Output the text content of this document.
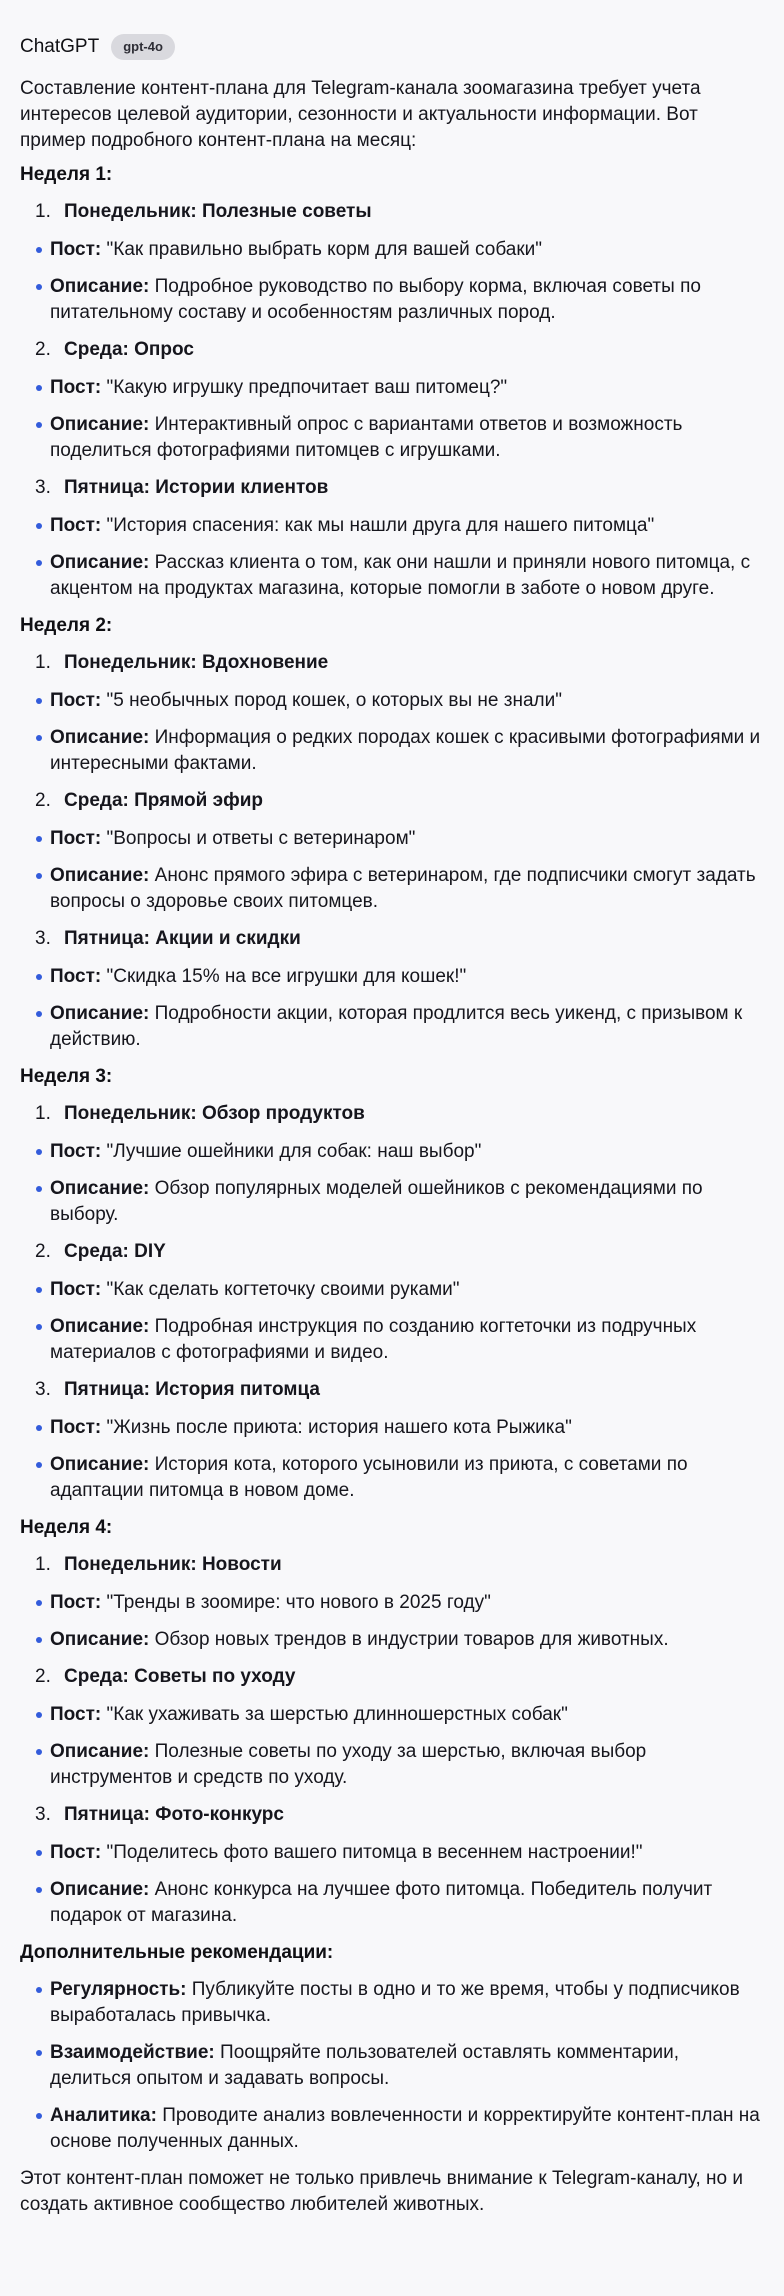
ChatGPT	gpt-4o

Составление контент-плана для Telegram-канала зоомагазина требует учета интересов целевой аудитории, сезонности и актуальности информации. Вот пример подробного контент-плана на месяц:

Неделя 1:
1. Понедельник: Полезные советы
Пост: "Как правильно выбрать корм для вашей собаки"
Описание: Подробное руководство по выбору корма, включая советы по питательному составу и особенностям различных пород.
2. Среда: Опрос
Пост: "Какую игрушку предпочитает ваш питомец?"
Описание: Интерактивный опрос с вариантами ответов и возможность поделиться фотографиями питомцев с игрушками.
3. Пятница: Истории клиентов
Пост: "История спасения: как мы нашли друга для нашего питомца"
Описание: Рассказ клиента о том, как они нашли и приняли нового питомца, с акцентом на продуктах магазина, которые помогли в заботе о новом друге.
Неделя 2:
1. Понедельник: Вдохновение
Пост: "5 необычных пород кошек, о которых вы не знали"
Описание: Информация о редких породах кошек с красивыми фотографиями и интересными фактами.
2. Среда: Прямой эфир
Пост: "Вопросы и ответы с ветеринаром"
Описание: Анонс прямого эфира с ветеринаром, где подписчики смогут задать вопросы о здоровье своих питомцев.
3. Пятница: Акции и скидки
Пост: "Скидка 15% на все игрушки для кошек!"
Описание: Подробности акции, которая продлится весь уикенд, с призывом к действию.
Неделя 3:
1. Понедельник: Обзор продуктов
Пост: "Лучшие ошейники для собак: наш выбор"
Описание: Обзор популярных моделей ошейников с рекомендациями по выбору.
2. Среда: DIY
Пост: "Как сделать когтеточку своими руками"
Описание: Подробная инструкция по созданию когтеточки из подручных материалов с фотографиями и видео.
3. Пятница: История питомца
Пост: "Жизнь после приюта: история нашего кота Рыжика"
Описание: История кота, которого усыновили из приюта, с советами по адаптации питомца в новом доме.
Неделя 4:
1. Понедельник: Новости
Пост: "Тренды в зоомире: что нового в 2025 году"
Описание: Обзор новых трендов в индустрии товаров для животных.
2. Среда: Советы по уходу
Пост: "Как ухаживать за шерстью длинношерстных собак"
Описание: Полезные советы по уходу за шерстью, включая выбор инструментов и средств по уходу.
3. Пятница: Фото-конкурс
Пост: "Поделитесь фото вашего питомца в весеннем настроении!"
Описание: Анонс конкурса на лучшее фото питомца. Победитель получит подарок от магазина.
Дополнительные рекомендации:
Регулярность: Публикуйте посты в одно и то же время, чтобы у подписчиков выработалась привычка.
Взаимодействие: Поощряйте пользователей оставлять комментарии, делиться опытом и задавать вопросы.
Аналитика: Проводите анализ вовлеченности и корректируйте контент-план на основе полученных данных.

Этот контент-план поможет не только привлечь внимание к Telegram-каналу, но и создать активное сообщество любителей животных.
